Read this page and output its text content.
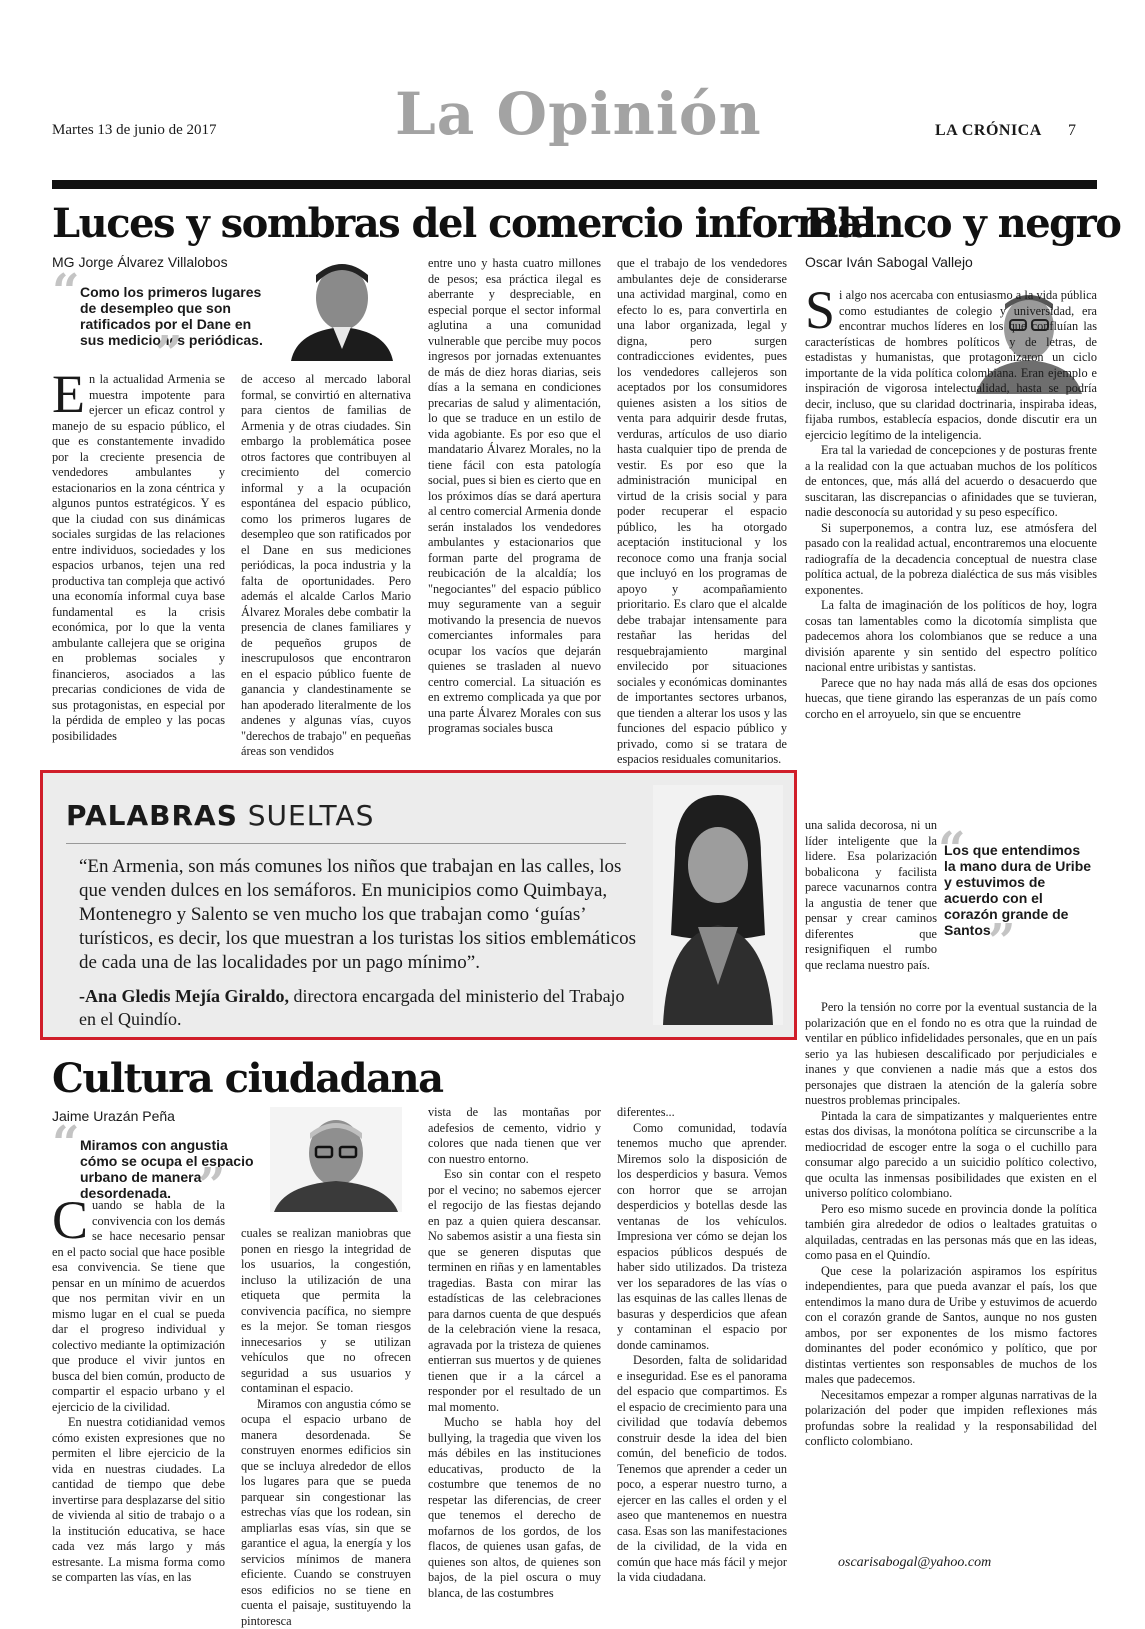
Martes 13 de junio de 2017	La Opinión	LA CRÓNICA 7
Luces y sombras del comercio informal
MG Jorge Álvarez Villalobos
“ Como los primeros lugares de desempleo que son ratificados por el Dane en sus mediciones periódicas.
”

En la actualidad Armenia se muestra impotente para ejercer un eficaz control y manejo de su espacio público, el que es constantemente invadido por la creciente presencia de vendedores ambulantes y estacionarios en la zona céntrica y algunos puntos estratégicos. Y es que la ciudad con sus dinámicas sociales surgidas de las relaciones entre individuos, sociedades y los espacios urbanos, tejen una red productiva tan compleja que activó una economía informal cuya base fundamental es la crisis económica, por lo que la venta ambulante callejera que se origina en problemas sociales y financieros, asociados a las precarias condiciones de vida de sus protagonistas, en especial por la pérdida de empleo y las pocas posibilidades

de acceso al mercado laboral formal, se convirtió en alternativa para cientos de familias de Armenia y de otras ciudades. Sin embargo la problemática posee otros factores que contribuyen al crecimiento del comercio informal y a la ocupación espontánea del espacio público, como los primeros lugares de desempleo que son ratificados por el Dane en sus mediciones periódicas, la poca industria y la falta de oportunidades. Pero además el alcalde Carlos Mario Álvarez Morales debe combatir la presencia de clanes familiares y de pequeños grupos de inescrupulosos que encontraron en el espacio público fuente de ganancia y clandestinamente se han apoderado literalmente de los andenes y algunas vías, cuyos "derechos de trabajo" en pequeñas áreas son vendidos

entre uno y hasta cuatro millones de pesos; esa práctica ilegal es aberrante y despreciable, en especial porque el sector informal aglutina a una comunidad vulnerable que percibe muy pocos ingresos por jornadas extenuantes de más de diez horas diarias, seis días a la semana en condiciones precarias de salud y alimentación, lo que se traduce en un estilo de vida agobiante. Es por eso que el mandatario Álvarez Morales, no la tiene fácil con esta patología social, pues si bien es cierto que en los próximos días se dará apertura al centro comercial Armenia donde serán instalados los vendedores ambulantes y estacionarios que forman parte del programa de reubicación de la alcaldía; los "negociantes" del espacio público muy seguramente van a seguir motivando la presencia de nuevos comerciantes informales para ocupar los vacíos que dejarán quienes se trasladen al nuevo centro comercial. La situación es en extremo complicada ya que por una parte Álvarez Morales con sus programas sociales busca

que el trabajo de los vendedores ambulantes deje de considerarse una actividad marginal, como en efecto lo es, para convertirla en una labor organizada, legal y digna, pero surgen contradicciones evidentes, pues los vendedores callejeros son aceptados por los consumidores quienes asisten a los sitios de venta para adquirir desde frutas, verduras, artículos de uso diario hasta cualquier tipo de prenda de vestir. Es por eso que la administración municipal en virtud de la crisis social y para poder recuperar el espacio público, les ha otorgado aceptación institucional y los reconoce como una franja social que incluyó en los programas de apoyo y acompañamiento prioritario. Es claro que el alcalde debe trabajar intensamente para restañar las heridas del resquebrajamiento marginal envilecido por situaciones sociales y económicas dominantes de importantes sectores urbanos, que tienden a alterar los usos y las funciones del espacio público y privado, como si se tratara de espacios residuales comunitarios.

Blanco y negro
Oscar Iván Sabogal Vallejo

Si algo nos acercaba con entusiasmo a la vida pública como estudiantes de colegio y universidad, era encontrar muchos líderes en los que confluían las características de hombres políticos y de letras, de estadistas y humanistas, que protagonizaron un ciclo importante de la vida política colombiana. Eran ejemplo e inspiración de vigorosa intelectualidad, hasta se podría decir, incluso, que su claridad doctrinaria, inspiraba ideas, fijaba rumbos, establecía espacios, donde discutir era un ejercicio legítimo de la inteligencia.

Era tal la variedad de concepciones y de posturas frente a la realidad con la que actuaban muchos de los políticos de entonces, que, más allá del acuerdo o desacuerdo que suscitaran, las discrepancias o afinidades que se tuvieran, nadie desconocía su autoridad y su peso específico.

Si superponemos, a contra luz, ese atmósfera del pasado con la realidad actual, encontraremos una elocuente radiografía de la decadencia conceptual de nuestra clase política actual, de la pobreza dialéctica de sus más visibles exponentes.

La falta de imaginación de los políticos de hoy, logra cosas tan lamentables como la dicotomía simplista que padecemos ahora los colombianos que se reduce a una división aparente y sin sentido del espectro político nacional entre uribistas y santistas.

Parece que no hay nada más allá de esas dos opciones huecas, que tiene girando las esperanzas de un país como corcho en el arroyuelo, sin que se encuentre

una salida decorosa, ni un líder inteligente que la lidere. Esa polarización bobalicona y facilista parece vacunarnos contra la angustia de tener que pensar y crear caminos diferentes que resignifiquen el rumbo que reclama nuestro país.

“
Los que entendimos la mano dura de Uribe y estuvimos de acuerdo con el corazón grande de Santos.
”

Pero la tensión no corre por la eventual sustancia de la polarización que en el fondo no es otra que la ruindad de ventilar en público infidelidades personales, que en un país serio ya las hubiesen descalificado por perjudiciales e inanes y que convienen a nadie más que a estos dos personajes que distraen la atención de la galería sobre nuestros problemas principales.

Pintada la cara de simpatizantes y malquerientes entre estas dos divisas, la monótona política se circunscribe a la mediocridad de escoger entre la soga o el cuchillo para consumar algo parecido a un suicidio político colectivo, que oculta las inmensas posibilidades que existen en el universo político colombiano.

Pero eso mismo sucede en provincia donde la política también gira alrededor de odios o lealtades gratuitas o alquiladas, centradas en las personas más que en las ideas, como pasa en el Quindío.

Que cese la polarización aspiramos los espíritus independientes, para que pueda avanzar el país, los que entendimos la mano dura de Uribe y estuvimos de acuerdo con el corazón grande de Santos, aunque no nos gusten ambos, por ser exponentes de los mismo factores dominantes del poder económico y político, que por distintas vertientes son responsables de muchos de los males que padecemos.

Necesitamos empezar a romper algunas narrativas de la polarización del poder que impiden reflexiones más profundas sobre la realidad y la responsabilidad del conflicto colombiano.

oscarisabogal@yahoo.com
PALABRAS SUELTAS
“En Armenia, son más comunes los niños que trabajan en las calles, los que venden dulces en los semáforos. En municipios como Quimbaya, Montenegro y Salento se ven mucho los que trabajan como ‘guías’ turísticos, es decir, los que muestran a los turistas los sitios emblemáticos de cada una de las localidades por un pago mínimo”.
-Ana Gledis Mejía Giraldo, directora encargada del ministerio del Trabajo en el Quindío.
Cultura ciudadana
Jaime Urazán Peña
“ Miramos con angustia cómo se ocupa el espacio urbano de manera desordenada. ”

Cuando se habla de la convivencia con los demás se hace necesario pensar en el pacto social que hace posible esa convivencia. Se tiene que pensar en un mínimo de acuerdos que nos permitan vivir en un mismo lugar en el cual se pueda dar el progreso individual y colectivo mediante la optimización que produce el vivir juntos en busca del bien común, producto de compartir el espacio urbano y el ejercicio de la civilidad.

En nuestra cotidianidad vemos cómo existen expresiones que no permiten el libre ejercicio de la vida en nuestras ciudades. La cantidad de tiempo que debe invertirse para desplazarse del sitio de vivienda al sitio de trabajo o a la institución educativa, se hace cada vez más largo y más estresante. La misma forma como se comparten las vías, en las

cuales se realizan maniobras que ponen en riesgo la integridad de los usuarios, la congestión, incluso la utilización de una etiqueta que permita la convivencia pacífica, no siempre es la mejor. Se toman riesgos innecesarios y se utilizan vehículos que no ofrecen seguridad a sus usuarios y contaminan el espacio.

Miramos con angustia cómo se ocupa el espacio urbano de manera desordenada. Se construyen enormes edificios sin que se incluya alrededor de ellos los lugares para que se pueda parquear sin congestionar las estrechas vías que los rodean, sin ampliarlas esas vías, sin que se garantice el agua, la energía y los servicios mínimos de manera eficiente. Cuando se construyen esos edificios no se tiene en cuenta el paisaje, sustituyendo la pintoresca

vista de las montañas por adefesios de cemento, vidrio y colores que nada tienen que ver con nuestro entorno.

Eso sin contar con el respeto por el vecino; no sabemos ejercer el regocijo de las fiestas dejando en paz a quien quiera descansar. No sabemos asistir a una fiesta sin que se generen disputas que terminen en riñas y en lamentables tragedias. Basta con mirar las estadísticas de las celebraciones para darnos cuenta de que después de la celebración viene la resaca, agravada por la tristeza de quienes entierran sus muertos y de quienes tienen que ir a la cárcel a responder por el resultado de un mal momento.

Mucho se habla hoy del bullying, la tragedia que viven los más débiles en las instituciones educativas, producto de la costumbre que tenemos de no respetar las diferencias, de creer que tenemos el derecho de mofarnos de los gordos, de los flacos, de quienes usan gafas, de quienes son altos, de quienes son bajos, de la piel oscura o muy blanca, de las costumbres

diferentes...

Como comunidad, todavía tenemos mucho que aprender. Miremos solo la disposición de los desperdicios y basura. Vemos con horror que se arrojan desperdicios y botellas desde las ventanas de los vehículos. Impresiona ver cómo se dejan los espacios públicos después de haber sido utilizados. Da tristeza ver los separadores de las vías o las esquinas de las calles llenas de basuras y desperdicios que afean y contaminan el espacio por donde caminamos.

Desorden, falta de solidaridad e inseguridad. Ese es el panorama del espacio que compartimos. Es el espacio de crecimiento para una civilidad que todavía debemos construir desde la idea del bien común, del beneficio de todos. Tenemos que aprender a ceder un poco, a esperar nuestro turno, a ejercer en las calles el orden y el aseo que mantenemos en nuestra casa. Esas son las manifestaciones de la civilidad, de la vida en común que hace más fácil y mejor la vida ciudadana.
